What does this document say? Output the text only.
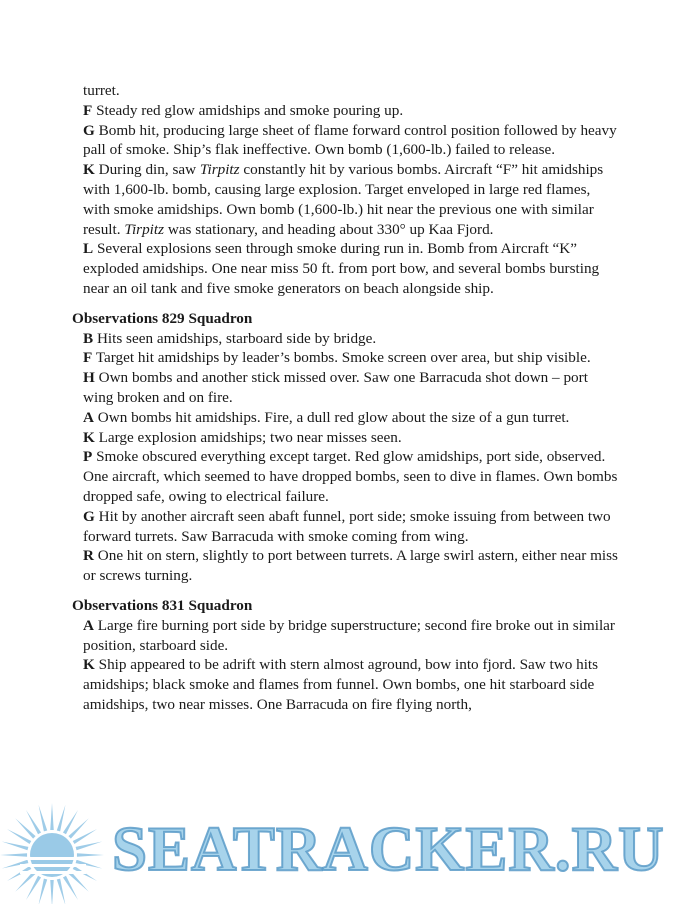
turret.

F Steady red glow amidships and smoke pouring up.

G Bomb hit, producing large sheet of flame forward control position followed by heavy pall of smoke. Ship’s flak ineffective. Own bomb (1,600-lb.) failed to release.

K During din, saw Tirpitz constantly hit by various bombs. Aircraft “F” hit amidships with 1,600-lb. bomb, causing large explosion. Target enveloped in large red flames, with smoke amidships. Own bomb (1,600-lb.) hit near the previous one with similar result. Tirpitz was stationary, and heading about 330° up Kaa Fjord.

L Several explosions seen through smoke during run in. Bomb from Aircraft “K” exploded amidships. One near miss 50 ft. from port bow, and several bombs bursting near an oil tank and five smoke generators on beach alongside ship.

Observations 829 Squadron

B Hits seen amidships, starboard side by bridge.

F Target hit amidships by leader’s bombs. Smoke screen over area, but ship visible.

H Own bombs and another stick missed over. Saw one Barracuda shot down – port wing broken and on fire.

A Own bombs hit amidships. Fire, a dull red glow about the size of a gun turret.

K Large explosion amidships; two near misses seen.

P Smoke obscured everything except target. Red glow amidships, port side, observed. One aircraft, which seemed to have dropped bombs, seen to dive in flames. Own bombs dropped safe, owing to electrical failure.

G Hit by another aircraft seen abaft funnel, port side; smoke issuing from between two forward turrets. Saw Barracuda with smoke coming from wing.

R One hit on stern, slightly to port between turrets. A large swirl astern, either near miss or screws turning.

Observations 831 Squadron

A Large fire burning port side by bridge superstructure; second fire broke out in similar position, starboard side.

K Ship appeared to be adrift with stern almost aground, bow into fjord. Saw two hits amidships; black smoke and flames from funnel. Own bombs, one hit starboard side amidships, two near misses. One Barracuda on fire flying north,

SEATRACKER.RU
